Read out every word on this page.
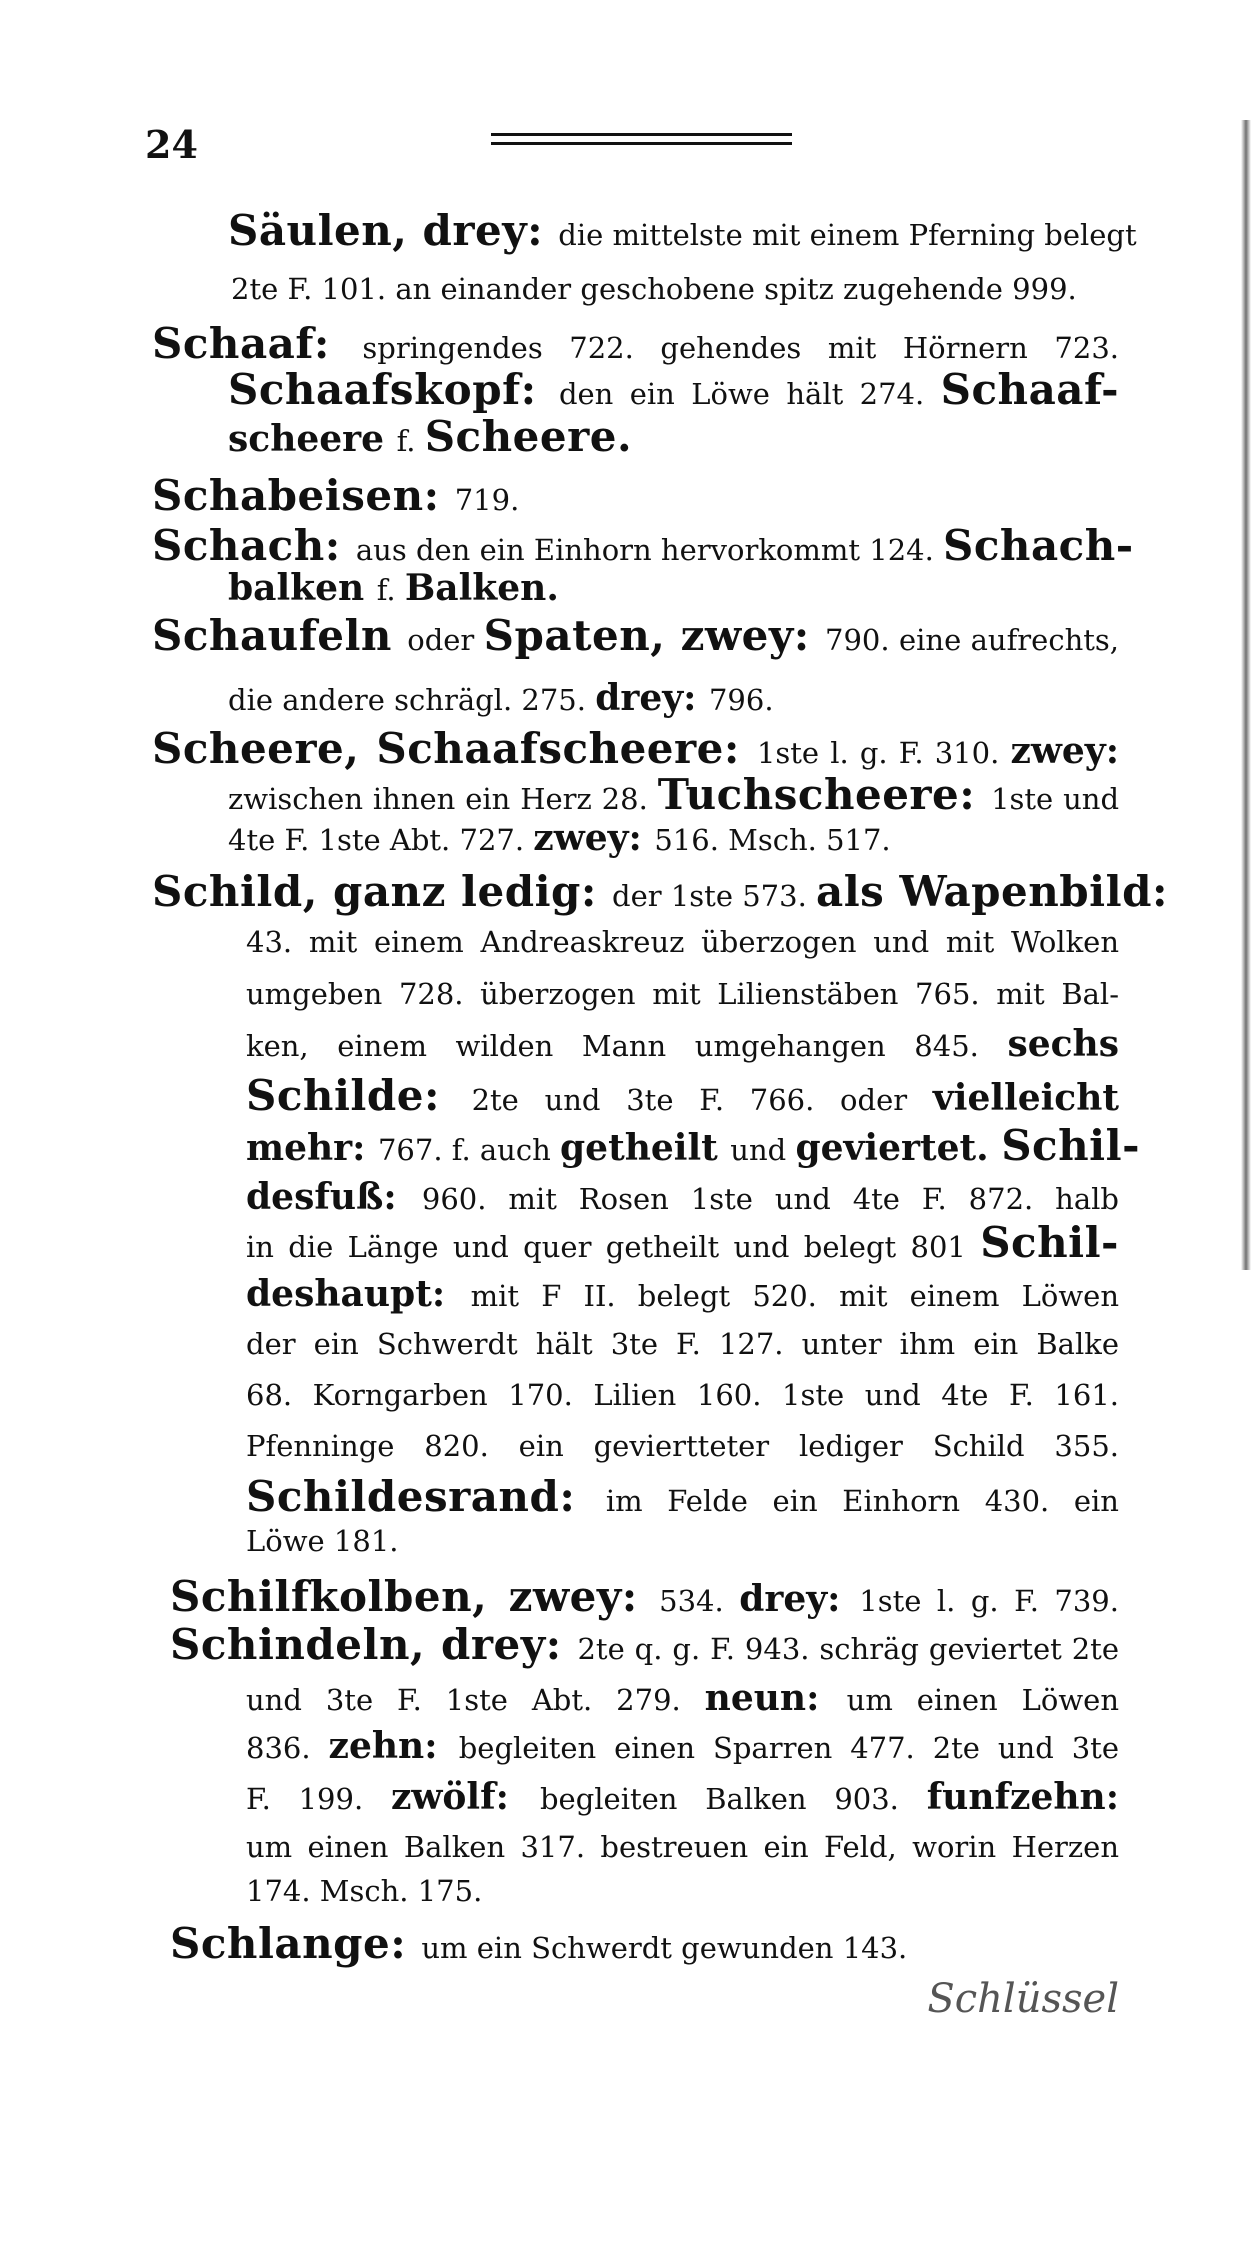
24
Säulen, drey: die mittelste mit einem Pferning belegt
2te F. 101. an einander geschobene spitz zugehende 999.
Schaaf: springendes 722. gehendes mit Hörnern 723.
Schaafskopf: den ein Löwe hält 274. Schaaf-
scheere f. Scheere.
Schabeisen: 719.
Schach: aus den ein Einhorn hervorkommt 124. Schach-
balken f. Balken.
Schaufeln oder Spaten, zwey: 790. eine aufrechts,
die andere schrägl. 275. drey: 796.
Scheere, Schaafscheere: 1ste l. g. F. 310. zwey:
zwischen ihnen ein Herz 28. Tuchscheere: 1ste und
4te F. 1ste Abt. 727. zwey: 516. Msch. 517.
Schild, ganz ledig: der 1ste 573. als Wapenbild:
43. mit einem Andreaskreuz überzogen und mit Wolken
umgeben 728. überzogen mit Lilienstäben 765. mit Bal-
ken, einem wilden Mann umgehangen 845. sechs
Schilde: 2te und 3te F. 766. oder vielleicht
mehr: 767. f. auch getheilt und geviertet. Schil-
desfuß: 960. mit Rosen 1ste und 4te F. 872. halb
in die Länge und quer getheilt und belegt 801 Schil-
deshaupt: mit F II. belegt 520. mit einem Löwen
der ein Schwerdt hält 3te F. 127. unter ihm ein Balke
68. Korngarben 170. Lilien 160. 1ste und 4te F. 161.
Pfenninge 820. ein geviertteter lediger Schild 355.
Schildesrand: im Felde ein Einhorn 430. ein
Löwe 181.
Schilfkolben, zwey: 534. drey: 1ste l. g. F. 739.
Schindeln, drey: 2te q. g. F. 943. schräg geviertet 2te
und 3te F. 1ste Abt. 279. neun: um einen Löwen
836. zehn: begleiten einen Sparren 477. 2te und 3te
F. 199. zwölf: begleiten Balken 903. funfzehn:
um einen Balken 317. bestreuen ein Feld, worin Herzen
174. Msch. 175.
Schlange: um ein Schwerdt gewunden 143.
Schlüssel
